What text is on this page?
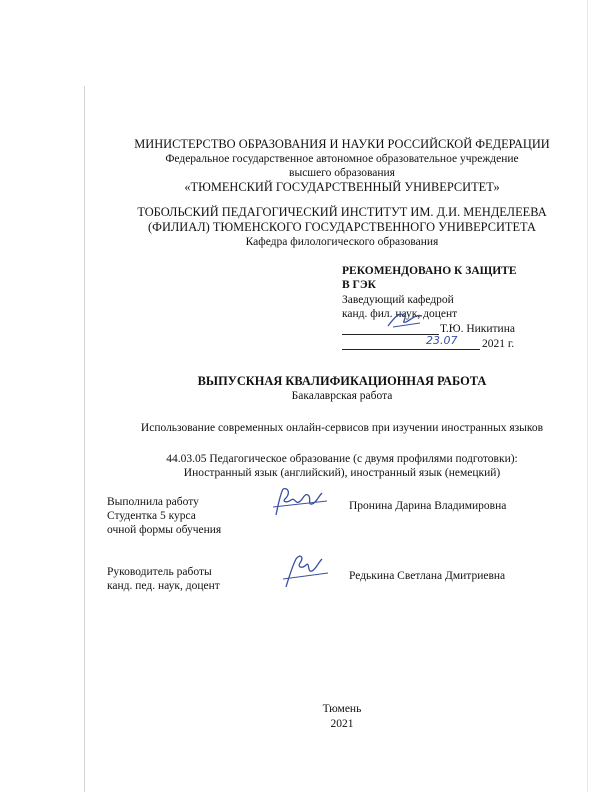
МИНИСТЕРСТВО ОБРАЗОВАНИЯ И НАУКИ РОССИЙСКОЙ ФЕДЕРАЦИИ
Федеральное государственное автономное образовательное учреждение
высшего образования
«ТЮМЕНСКИЙ ГОСУДАРСТВЕННЫЙ УНИВЕРСИТЕТ»
ТОБОЛЬСКИЙ ПЕДАГОГИЧЕСКИЙ ИНСТИТУТ ИМ. Д.И. МЕНДЕЛЕЕВА
(ФИЛИАЛ) ТЮМЕНСКОГО ГОСУДАРСТВЕННОГО УНИВЕРСИТЕТА
Кафедра филологического образования
РЕКОМЕНДОВАНО К ЗАЩИТЕ
В ГЭК
Заведующий кафедрой
канд. фил. наук, доцент
Т.Ю. Никитина
23.07 2021 г.
ВЫПУСКНАЯ КВАЛИФИКАЦИОННАЯ РАБОТА
Бакалаврская работа
Использование современных онлайн-сервисов при изучении иностранных языков
44.03.05 Педагогическое образование (с двумя профилями подготовки):
Иностранный язык (английский), иностранный язык (немецкий)
Выполнила работу
Студентка 5 курса
очной формы обучения
Пронина Дарина Владимировна
Руководитель работы
канд. пед. наук, доцент
Редькина Светлана Дмитриевна
Тюмень
2021
